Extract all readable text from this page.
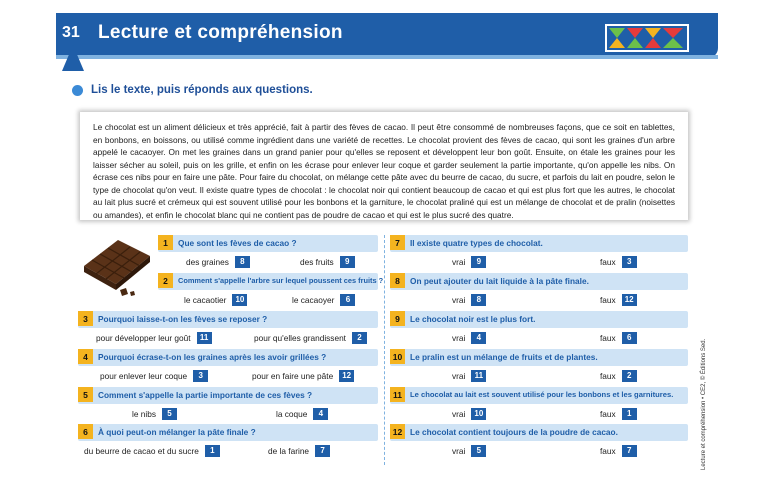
31 Lecture et compréhension
Lis le texte, puis réponds aux questions.

Le chocolat est un aliment délicieux et très apprécié, fait à partir des fèves de cacao. Il peut être consommé de nombreuses façons, que ce soit en tablettes, en bonbons, en boissons, ou utilisé comme ingrédient dans une variété de recettes. Le chocolat provient des fèves de cacao, qui sont les graines d'un arbre appelé le cacaoyer. On met les graines dans un grand panier pour qu'elles se reposent et développent leur bon goût. Ensuite, on étale les graines pour les laisser sécher au soleil, puis on les grille, et enfin on les écrase pour enlever leur coque et garder seulement la partie importante, qu'on appelle les nibs. On écrase ces nibs pour en faire une pâte. Pour faire du chocolat, on mélange cette pâte avec du beurre de cacao, du sucre, et parfois du lait en poudre, selon le type de chocolat qu'on veut. Il existe quatre types de chocolat : le chocolat noir qui contient beaucoup de cacao et qui est plus fort que les autres, le chocolat au lait plus sucré et crémeux qui est souvent utilisé pour les bonbons et la garniture, le chocolat praliné qui est un mélange de chocolat et de pralin (noisettes ou amandes), et enfin le chocolat blanc qui ne contient pas de poudre de cacao et qui est le plus sucré des quatre.

Lecture et compréhension • CE2, © Éditions Sed.
1	Que sont les fèves de cacao ?
des graines	8	des fruits	9
2	Comment s'appelle l'arbre sur lequel poussent ces fruits ?
le cacaotier	10	le cacaoyer	6
3	Pourquoi laisse-t-on les fèves se reposer ?
pour développer leur goût	11	pour qu'elles grandissent	2
4	Pourquoi écrase-t-on les graines après les avoir grillées ?
pour enlever leur coque	3	pour en faire une pâte	12
5	Comment s'appelle la partie importante de ces fèves ?
le nibs	5	la coque	4
6	À quoi peut-on mélanger la pâte finale ?
du beurre de cacao et du sucre	1	de la farine	7
7	Il existe quatre types de chocolat.
vrai	9	faux	3
8	On peut ajouter du lait liquide à la pâte finale.
vrai	8	faux	12
9	Le chocolat noir est le plus fort.
vrai	4	faux	6
10 Le pralin est un mélange de fruits et de plantes.
vrai	11	faux	2
11	Le chocolat au lait est souvent utilisé pour les bonbons et les garnitures.
vrai	10	faux	1
12 Le chocolat contient toujours de la poudre de cacao.
vrai	5	faux	7
